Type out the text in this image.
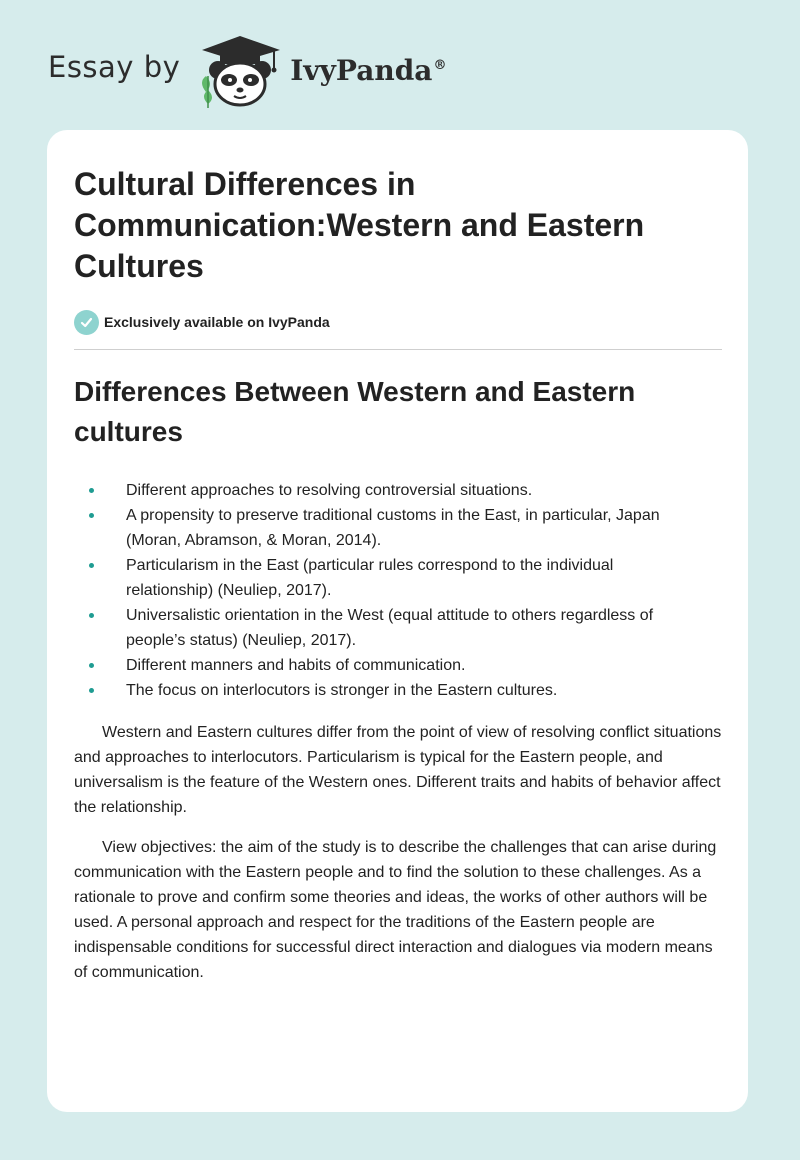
Essay by	IvyPanda®
Cultural Differences in Communication:Western and Eastern Cultures
Exclusively available on IvyPanda
Differences Between Western and Eastern cultures
Different approaches to resolving controversial situations.
A propensity to preserve traditional customs in the East, in particular, Japan (Moran, Abramson, & Moran, 2014).
Particularism in the East (particular rules correspond to the individual relationship) (Neuliep, 2017).
Universalistic orientation in the West (equal attitude to others regardless of people’s status) (Neuliep, 2017).
Different manners and habits of communication.
The focus on interlocutors is stronger in the Eastern cultures.

Western and Eastern cultures differ from the point of view of resolving conflict situations and approaches to interlocutors. Particularism is typical for the Eastern people, and universalism is the feature of the Western ones. Different traits and habits of behavior affect the relationship.

View objectives: the aim of the study is to describe the challenges that can arise during communication with the Eastern people and to find the solution to these challenges. As a rationale to prove and confirm some theories and ideas, the works of other authors will be used. A personal approach and respect for the traditions of the Eastern people are indispensable conditions for successful direct interaction and dialogues via modern means of communication.
